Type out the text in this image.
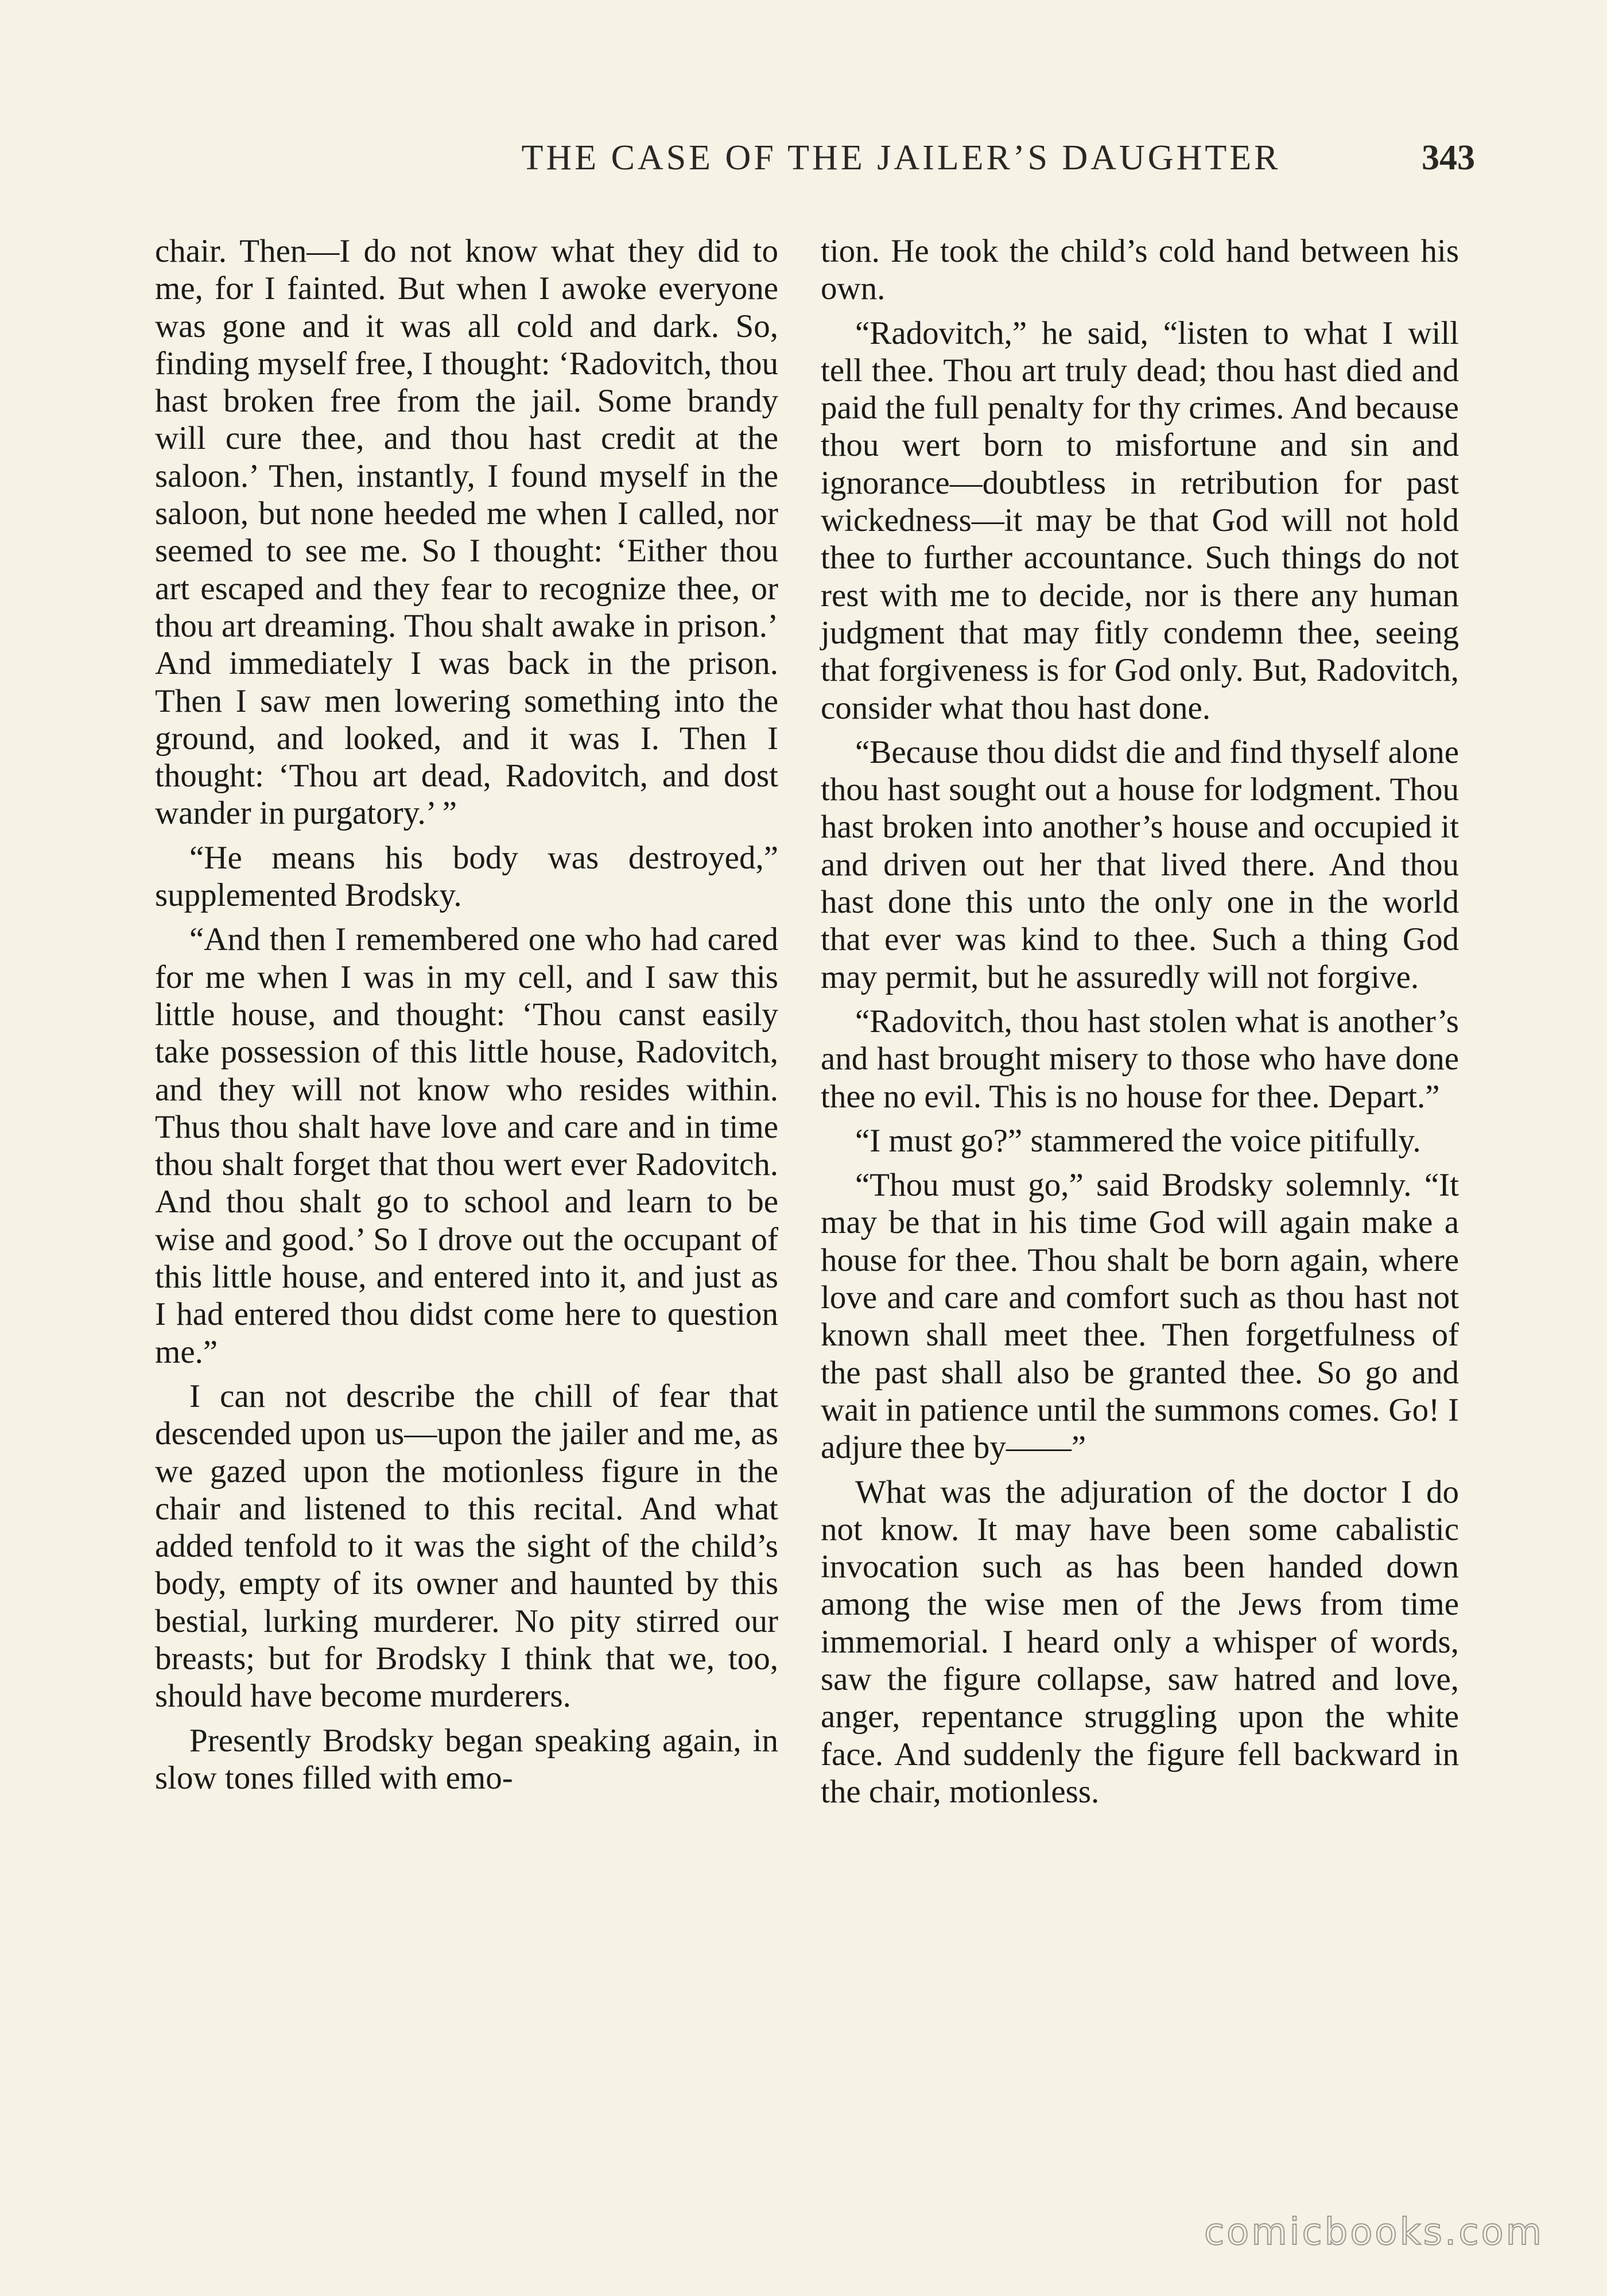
THE CASE OF THE JAILER’S DAUGHTER	343

chair. Then—I do not know what they did to me, for I fainted. But when I awoke everyone was gone and it was all cold and dark. So, finding myself free, I thought: ‘Radovitch, thou hast broken free from the jail. Some brandy will cure thee, and thou hast credit at the saloon.’ Then, instantly, I found myself in the saloon, but none heeded me when I called, nor seemed to see me. So I thought: ‘Either thou art escaped and they fear to recognize thee, or thou art dreaming. Thou shalt awake in prison.’ And immediately I was back in the prison. Then I saw men lowering something into the ground, and looked, and it was I. Then I thought: ‘Thou art dead, Radovitch, and dost wander in purgatory.’ ”

“He means his body was destroyed,” supplemented Brodsky.

“And then I remembered one who had cared for me when I was in my cell, and I saw this little house, and thought: ‘Thou canst easily take possession of this little house, Radovitch, and they will not know who resides within. Thus thou shalt have love and care and in time thou shalt forget that thou wert ever Radovitch. And thou shalt go to school and learn to be wise and good.’ So I drove out the occupant of this little house, and entered into it, and just as I had entered thou didst come here to question me.”

I can not describe the chill of fear that descended upon us—upon the jailer and me, as we gazed upon the motionless figure in the chair and listened to this recital. And what added tenfold to it was the sight of the child’s body, empty of its owner and haunted by this bestial, lurking murderer. No pity stirred our breasts; but for Brodsky I think that we, too, should have become murderers.

Presently Brodsky began speaking again, in slow tones filled with emo-

tion. He took the child’s cold hand between his own.

“Radovitch,” he said, “listen to what I will tell thee. Thou art truly dead; thou hast died and paid the full penalty for thy crimes. And because thou wert born to misfortune and sin and ignorance—doubtless in retribution for past wickedness—it may be that God will not hold thee to further accountance. Such things do not rest with me to decide, nor is there any human judgment that may fitly condemn thee, seeing that forgiveness is for God only. But, Radovitch, consider what thou hast done.

“Because thou didst die and find thyself alone thou hast sought out a house for lodgment. Thou hast broken into another’s house and occupied it and driven out her that lived there. And thou hast done this unto the only one in the world that ever was kind to thee. Such a thing God may permit, but he assuredly will not forgive.

“Radovitch, thou hast stolen what is another’s and hast brought misery to those who have done thee no evil. This is no house for thee. Depart.”

“I must go?” stammered the voice pitifully.

“Thou must go,” said Brodsky solemnly. “It may be that in his time God will again make a house for thee. Thou shalt be born again, where love and care and comfort such as thou hast not known shall meet thee. Then forgetfulness of the past shall also be granted thee. So go and wait in patience until the summons comes. Go! I adjure thee by——”

What was the adjuration of the doctor I do not know. It may have been some cabalistic invocation such as has been handed down among the wise men of the Jews from time immemorial. I heard only a whisper of words, saw the figure collapse, saw hatred and love, anger, repentance struggling upon the white face. And suddenly the figure fell backward in the chair, motionless.

comicbooks.com
